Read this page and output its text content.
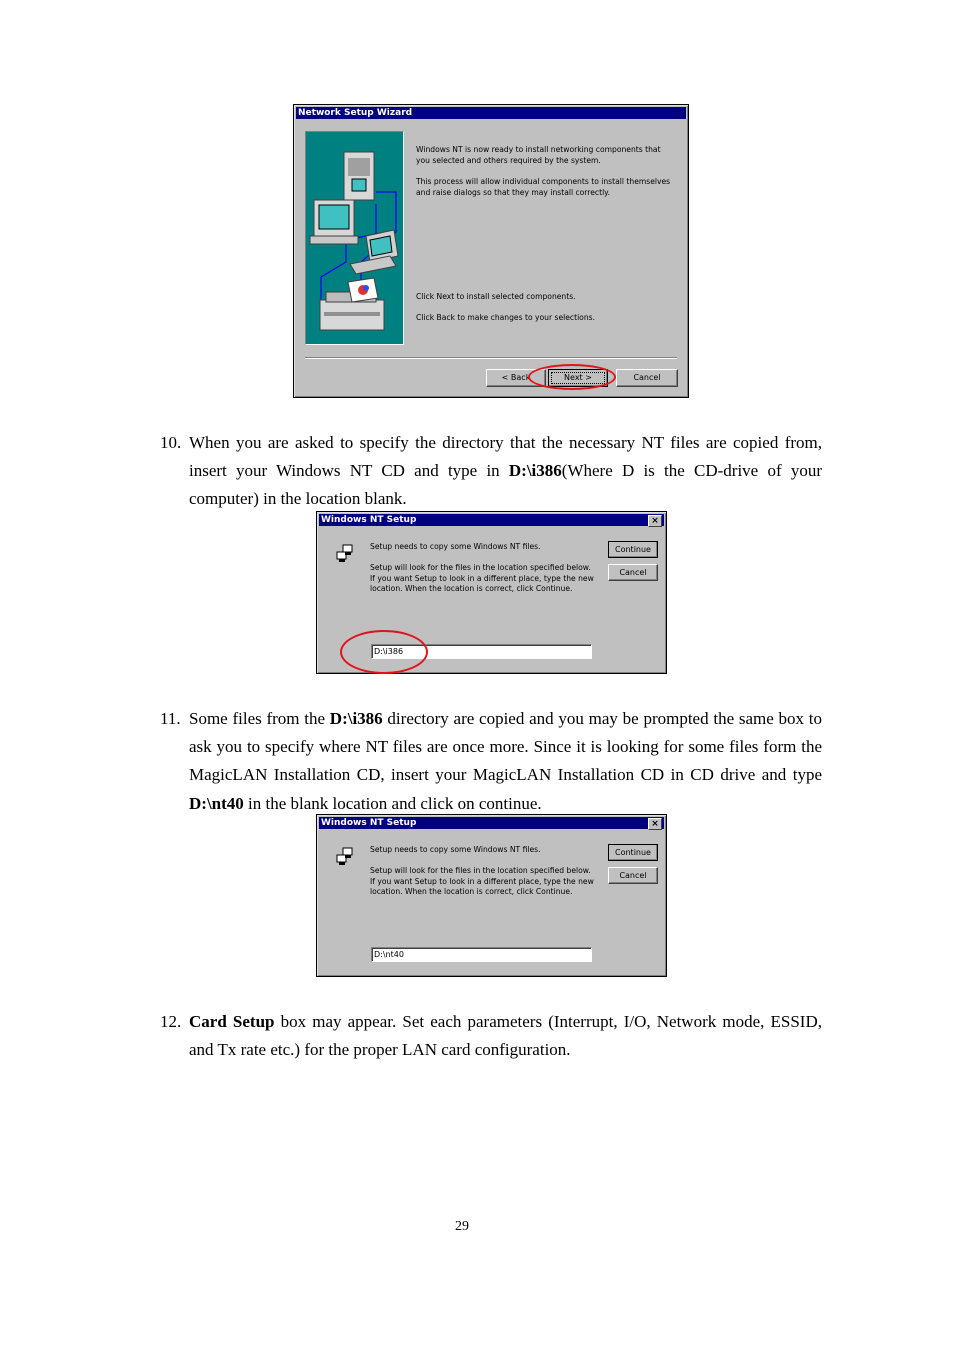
Network Setup Wizard
Windows NT is now ready to install networking components that you selected and others required by the system.
This process will allow individual components to install themselves and raise dialogs so that they may install correctly.
Click Next to install selected components.
Click Back to make changes to your selections.
< Back	Next >	Cancel
10. When you are asked to specify the directory that the necessary NT files are copied from, insert your Windows NT CD and type in D:\i386(Where D is the CD-drive of your computer) in the location blank.
Windows NT Setup	×
Setup needs to copy some Windows NT files.
Setup will look for the files in the location specified below. If you want Setup to look in a different place, type the new location. When the location is correct, click Continue.
Continue
Cancel
D:\i386
11. Some files from the D:\i386 directory are copied and you may be prompted the same box to ask you to specify where NT files are once more. Since it is looking for some files form the MagicLAN Installation CD, insert your MagicLAN Installation CD in CD drive and type D:\nt40 in the blank location and click on continue.
Windows NT Setup	×
Setup needs to copy some Windows NT files.
Setup will look for the files in the location specified below. If you want Setup to look in a different place, type the new location. When the location is correct, click Continue.
Continue
Cancel
D:\nt40
12. Card Setup box may appear. Set each parameters (Interrupt, I/O, Network mode, ESSID, and Tx rate etc.) for the proper LAN card configuration.
29
